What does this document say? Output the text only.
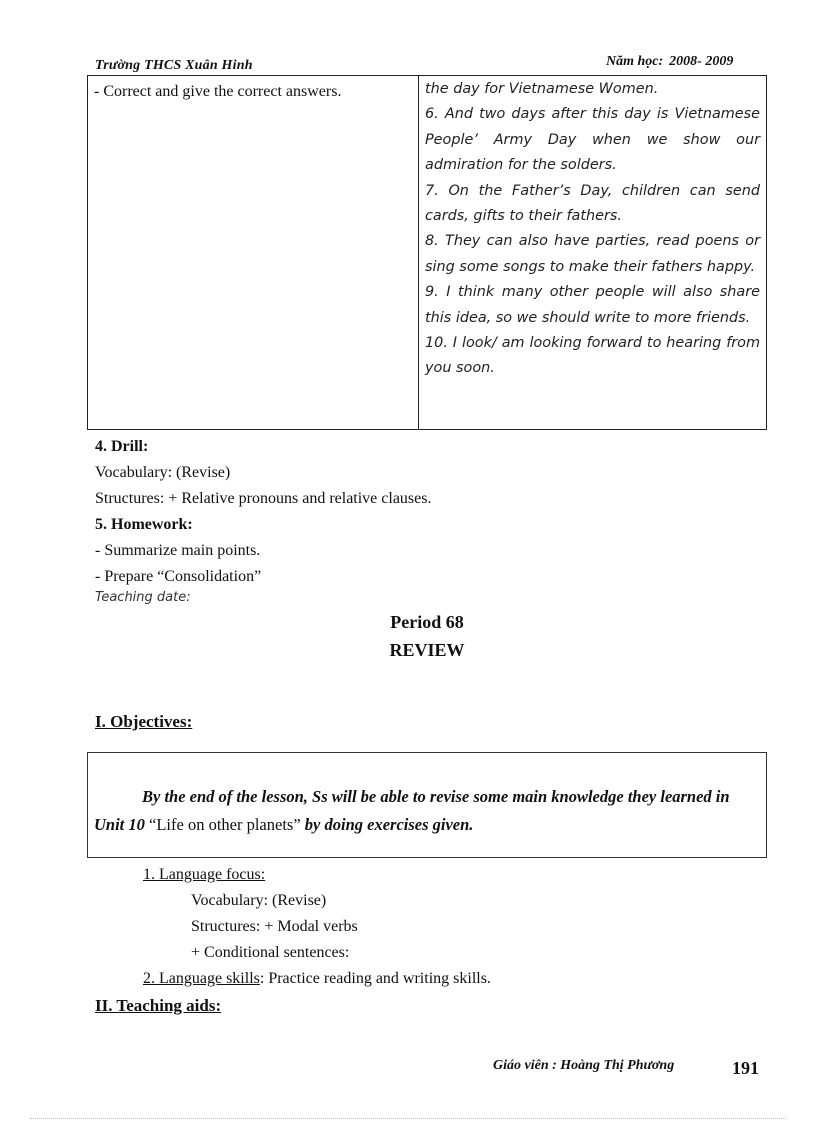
Trường THCS Xuân Hinh	Năm học: 2008- 2009
- Correct and give the correct answers.	the day for Vietnamese Women.

6. And two days after this day is Vietnamese People’ Army Day when we show our admiration for the solders.

7. On the Father’s Day, children can send cards, gifts to their fathers.

8. They can also have parties, read poens or sing some songs to make their fathers happy.

9. I think many other people will also share this idea, so we should write to more friends.

10. I look/ am looking forward to hearing from you soon.

4. Drill:
Vocabulary: (Revise)
Structures: + Relative pronouns and relative clauses.
5. Homework:
- Summarize main points.
- Prepare “Consolidation”
Teaching date:
Period 68
REVIEW
I. Objectives:
By the end of the lesson, Ss will be able to revise some main knowledge they learned in Unit 10 “Life on other planets” by doing exercises given.
1. Language focus:
Vocabulary: (Revise)
Structures: + Modal verbs
+ Conditional sentences:
2. Language skills: Practice reading and writing skills.
II. Teaching aids:
Giáo viên : Hoàng Thị Phương	191
